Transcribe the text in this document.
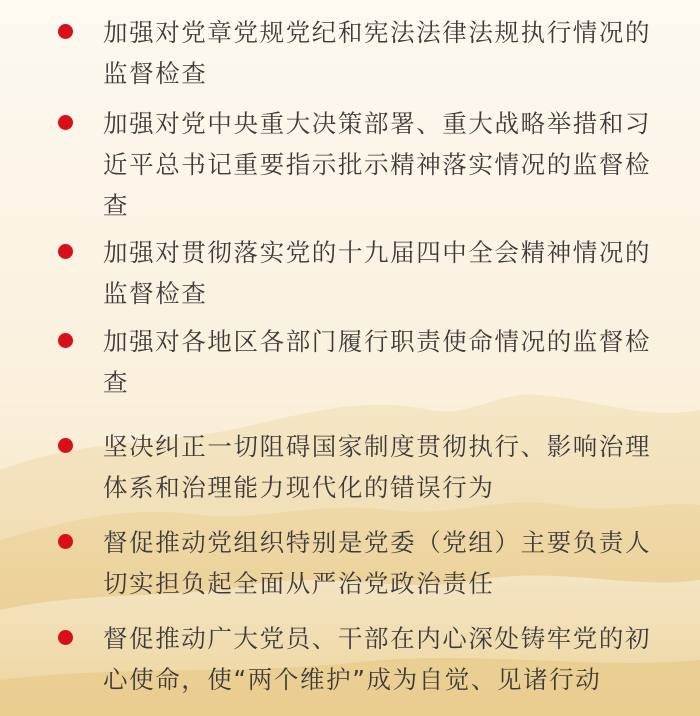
加强对党章党规党纪和宪法法律法规执行情况的监督检查

加强对党中央重大决策部署、重大战略举措和习近平总书记重要指示批示精神落实情况的监督检查

加强对贯彻落实党的十九届四中全会精神情况的监督检查

加强对各地区各部门履行职责使命情况的监督检查

坚决纠正一切阻碍国家制度贯彻执行、影响治理体系和治理能力现代化的错误行为

督促推动党组织特别是党委（党组）主要负责人切实担负起全面从严治党政治责任

督促推动广大党员、干部在内心深处铸牢党的初心使命，使“两个维护”成为自觉、见诸行动
